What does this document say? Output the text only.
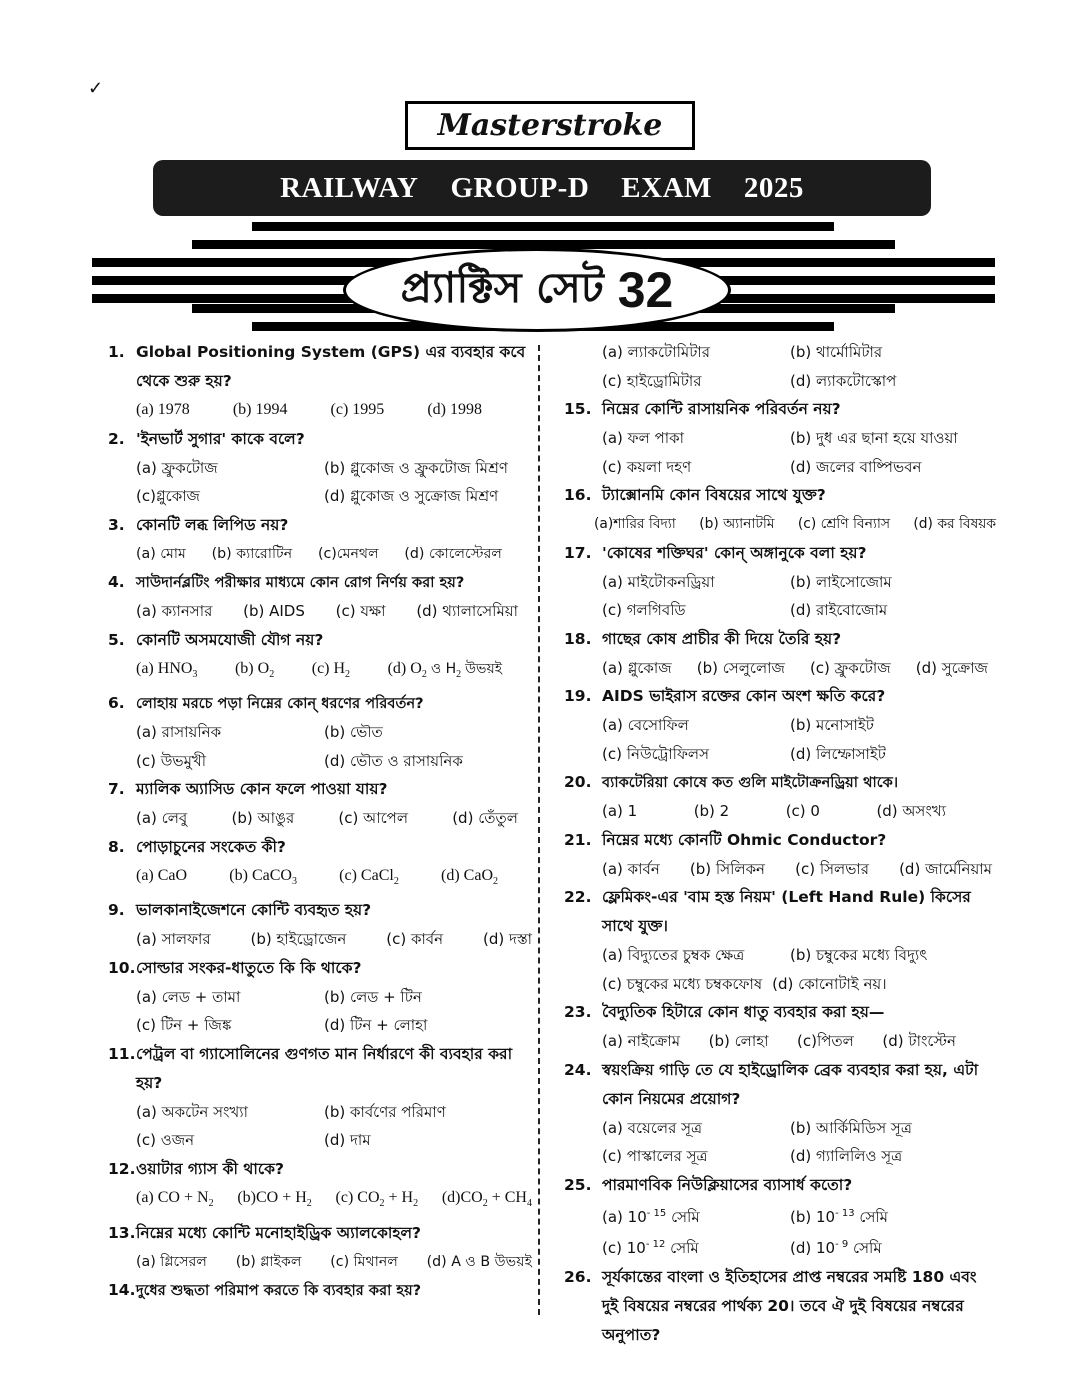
✓
Masterstroke
RAILWAY GROUP-D EXAM 2025
প্র্যাক্টিস সেট 32
1. Global Positioning System (GPS) এর ব্যবহার কবে থেকে শুরু হয়?
(a) 1978	(b) 1994	(c) 1995	(d) 1998
2. 'ইনভার্ট সুগার' কাকে বলে?
(a) ফ্রুকটোজ	(b) গ্লুকোজ ও ফ্রুকটোজ মিশ্রণ
(c)গ্লুকোজ	(d) গ্লুকোজ ও সুক্রোজ মিশ্রণ
3. কোনটি লব্ধ লিপিড নয়?
(a) মোম (b) ক্যারোটিন (c)মেনথল (d) কোলেস্টেরল
4. সাউদার্নব্লটিং পরীক্ষার মাধ্যমে কোন রোগ নির্ণয় করা হয়?
(a) ক্যানসার (b) AIDS (c) যক্ষা (d) থ্যালাসেমিয়া
5. কোনটি অসমযোজী যৌগ নয়?
(a) $HNO_3$ (b) $O_2$ (c) $H_2$ (d) $O_2$ ও $H_2$ উভয়ই
6. লোহায় মরচে পড়া নিম্নের কোন্ ধরণের পরিবর্তন?
(a) রাসায়নিক	(b) ভৌত
(c) উভমুখী	(d) ভৌত ও রাসায়নিক
7. ম্যালিক অ্যাসিড কোন ফলে পাওয়া যায়?
(a) লেবু	(b) আঙুর	(c) আপেল	(d) তেঁতুল
8. পোড়াচুনের সংকেত কী?
(a) CaO	(b) CaCO$_3$	(c) CaCl$_2$	(d) CaO$_2$
9. ভালকানাইজেশনে কোন্টি ব্যবহৃত হয়?
(a) সালফার	(b) হাইড্রোজেন	(c) কার্বন	(d) দস্তা
10. সোল্ডার সংকর-ধাতুতে কি কি থাকে?
(a) লেড + তামা	(b) লেড + টিন
(c) টিন + জিঙ্ক	(d) টিন + লোহা
11. পেট্রল বা গ্যাসোলিনের গুণগত মান নির্ধারণে কী ব্যবহার করা হয়?
(a) অকটেন সংখ্যা	(b) কার্বণের পরিমাণ
(c) ওজন	(d) দাম
12. ওয়াটার গ্যাস কী থাকে?
(a) CO + $N_2$ $(b)CO + H_2$ (c) $CO_2 + H_2$ $(d)CO_2 + CH_4$
13. নিম্নের মধ্যে কোন্টি মনোহাইড্রিক অ্যালকোহল?
(a) গ্লিসেরল (b) গ্লাইকল (c) মিথানল (d) A ও B উভয়ই
14. দুধের শুদ্ধতা পরিমাপ করতে কি ব্যবহার করা হয়?
(a) ল্যাকটোমিটার	(b) থার্মোমিটার
(c) হাইড্রোমিটার	(d) ল্যাকটোস্কোপ
15. নিম্নের কোন্টি রাসায়নিক পরিবর্তন নয়?
(a) ফল পাকা	(b) দুধ এর ছানা হয়ে যাওয়া
(c) কয়লা দহণ	(d) জলের বাষ্পিভবন
16. ট্যাক্সোনমি কোন বিষয়ের সাথে যুক্ত?
(a)শারির বিদ্যা (b) অ্যানাটমি (c) শ্রেণি বিন্যাস (d) কর বিষয়ক
17. 'কোষের শক্তিঘর' কোন্ অঙ্গানুকে বলা হয়?
(a) মাইটোকনড্রিয়া	(b) লাইসোজোম
(c) গলগিবডি	(d) রাইবোজোম
18. গাছের কোষ প্রাচীর কী দিয়ে তৈরি হয়?
(a) গ্লুকোজ (b) সেলুলোজ (c) ফ্রুকটোজ (d) সুক্রোজ
19. AIDS ভাইরাস রক্তের কোন অংশ ক্ষতি করে?
(a) বেসোফিল	(b) মনোসাইট
(c) নিউট্রোফিলস	(d) লিম্ফোসাইট
20. ব্যাকটেরিয়া কোষে কত গুলি মাইটোক্রনড্রিয়া থাকে।
(a) 1	(b) 2	(c) 0	(d) অসংখ্য
21. নিম্নের মধ্যে কোনটি Ohmic Conductor?
(a) কার্বন (b) সিলিকন (c) সিলভার (d) জার্মেনিয়াম
22. ফ্লেমিকং-এর 'বাম হস্ত নিয়ম' (Left Hand Rule) কিসের সাথে যুক্ত।
(a) বিদ্যুতের চুম্বক ক্ষেত্র	(b) চম্বুকের মধ্যে বিদ্যুৎ
(c) চম্বুকের মধ্যে চম্বকফোষ (d) কোনোটাই নয়।
23. বৈদ্যুতিক হিটারে কোন ধাতু ব্যবহার করা হয়—
(a) নাইক্রোম (b) লোহা (c)পিতল (d) টাংস্টেন
24. স্বয়ংক্রিয় গাড়ি তে যে হাইড্রোলিক ব্রেক ব্যবহার করা হয়, এটা কোন নিয়মের প্রয়োগ?
(a) বয়েলের সূত্র	(b) আর্কিমিডিস সূত্র
(c) পাস্কালের সূত্র	(d) গ্যালিলিও সূত্র
25. পারমাণবিক নিউক্লিয়াসের ব্যাসার্ধ কতো?
(a) $10^{- 15}$ সেমি	(b) $10^{- 13}$ সেমি
(c) $10^{- 12}$ সেমি	(d) $10^{- 9}$ সেমি
26. সূর্যকান্তের বাংলা ও ইতিহাসের প্রাপ্ত নম্বরের সমষ্টি 180 এবং দুই বিষয়ের নম্বরের পার্থক্য 20। তবে ঐ দুই বিষয়ের নম্বরের অনুপাত?
